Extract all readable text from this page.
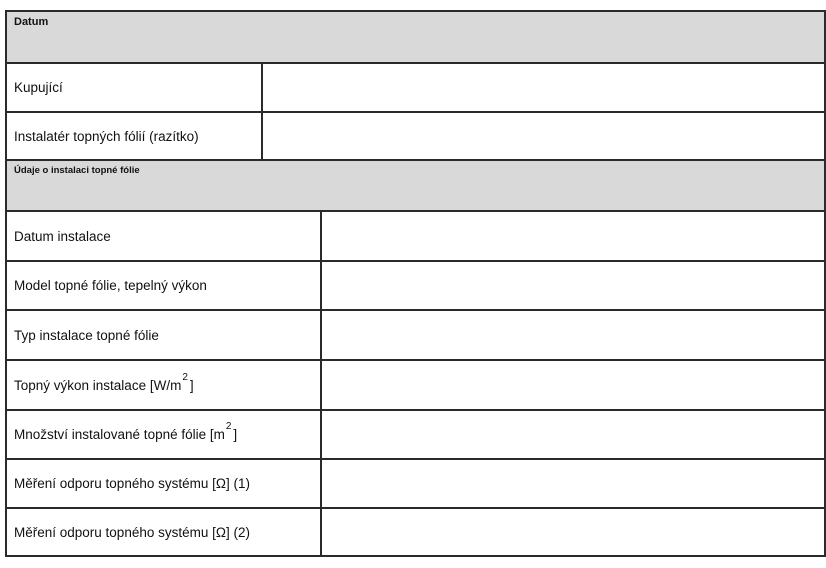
Datum
Kupující
Instalatér topných fólií (razítko)
Údaje o instalaci topné fólie
Datum instalace
Model topné fólie, tepelný výkon
Typ instalace topné fólie
Topný výkon instalace [W/m
2
]
Množství instalované topné fólie [m
2
]
Měření odporu topného systému [Ω] (1)
Měření odporu topného systému [Ω] (2)
